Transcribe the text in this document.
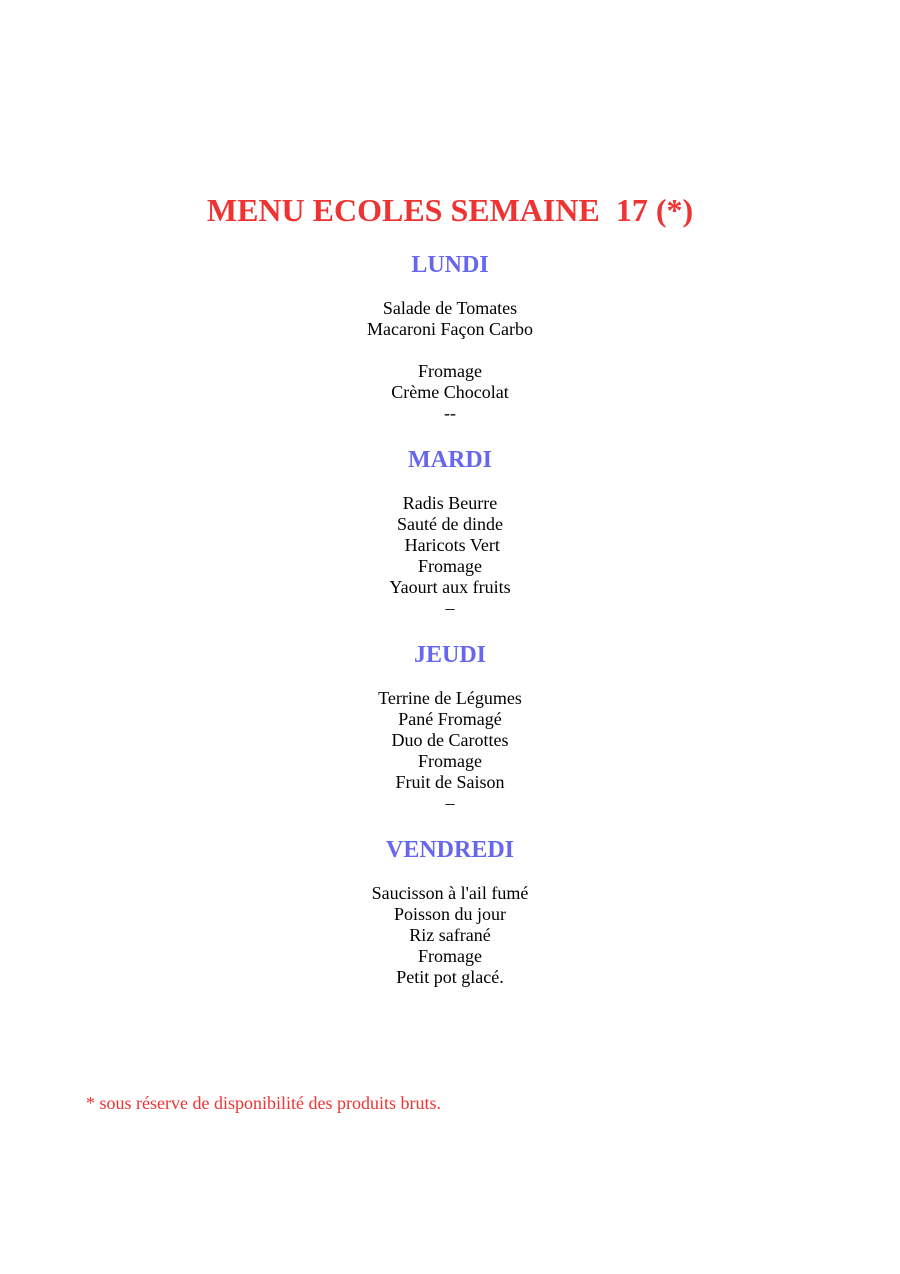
MENU ECOLES SEMAINE  17 (*)
LUNDI
Salade de Tomates
Macaroni Façon Carbo
Fromage
Crème Chocolat
--
MARDI
Radis Beurre
Sauté de dinde
Haricots Vert
Fromage
Yaourt aux fruits
–
JEUDI
Terrine de Légumes
Pané Fromagé
Duo de Carottes
Fromage
Fruit de Saison
–
VENDREDI
Saucisson à l'ail fumé
Poisson du jour
Riz safrané
Fromage
Petit pot glacé.

* sous réserve de disponibilité des produits bruts.
